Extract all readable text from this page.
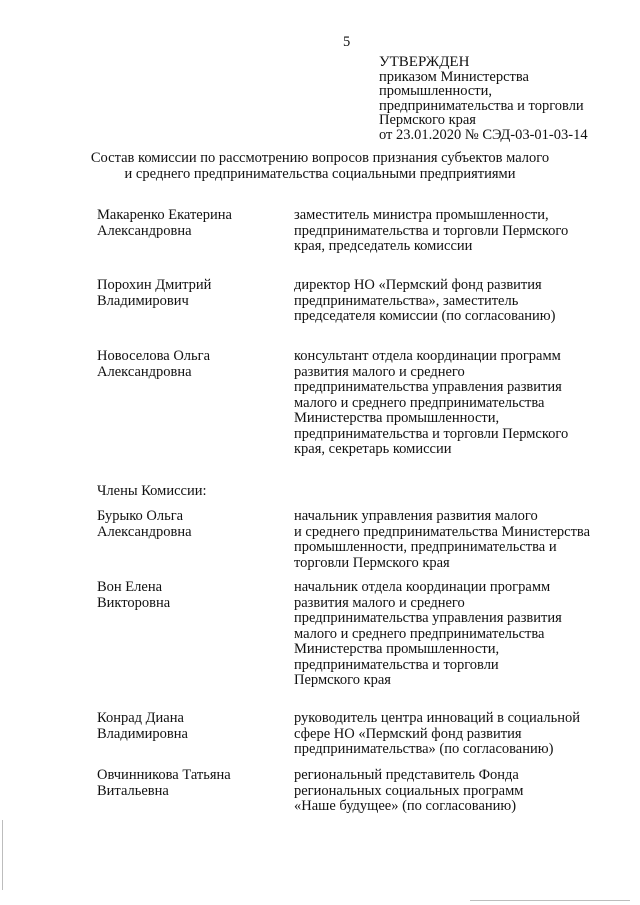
5
УТВЕРЖДЕН
приказом Министерства
промышленности,
предпринимательства и торговли
Пермского края
от 23.01.2020 № СЭД-03-01-03-14
Состав комиссии по рассмотрению вопросов признания субъектов малого
и среднего предпринимательства социальными предприятиями
Макаренко Екатерина
Александровна
заместитель министра промышленности,
предпринимательства и торговли Пермского
края, председатель комиссии
Порохин Дмитрий
Владимирович
директор НО «Пермский фонд развития
предпринимательства», заместитель
председателя комиссии (по согласованию)
Новоселова Ольга
Александровна
консультант отдела координации программ
развития малого и среднего
предпринимательства управления развития
малого и среднего предпринимательства
Министерства промышленности,
предпринимательства и торговли Пермского
края, секретарь комиссии
Члены Комиссии:
Бурыко Ольга
Александровна
начальник управления развития малого
и среднего предпринимательства Министерства
промышленности, предпринимательства и
торговли Пермского края
Вон Елена
Викторовна
начальник отдела координации программ
развития малого и среднего
предпринимательства управления развития
малого и среднего предпринимательства
Министерства промышленности,
предпринимательства и торговли
Пермского края
Конрад Диана
Владимировна
руководитель центра инноваций в социальной
сфере НО «Пермский фонд развития
предпринимательства» (по согласованию)
Овчинникова Татьяна
Витальевна
региональный представитель Фонда
региональных социальных программ
«Наше будущее» (по согласованию)
